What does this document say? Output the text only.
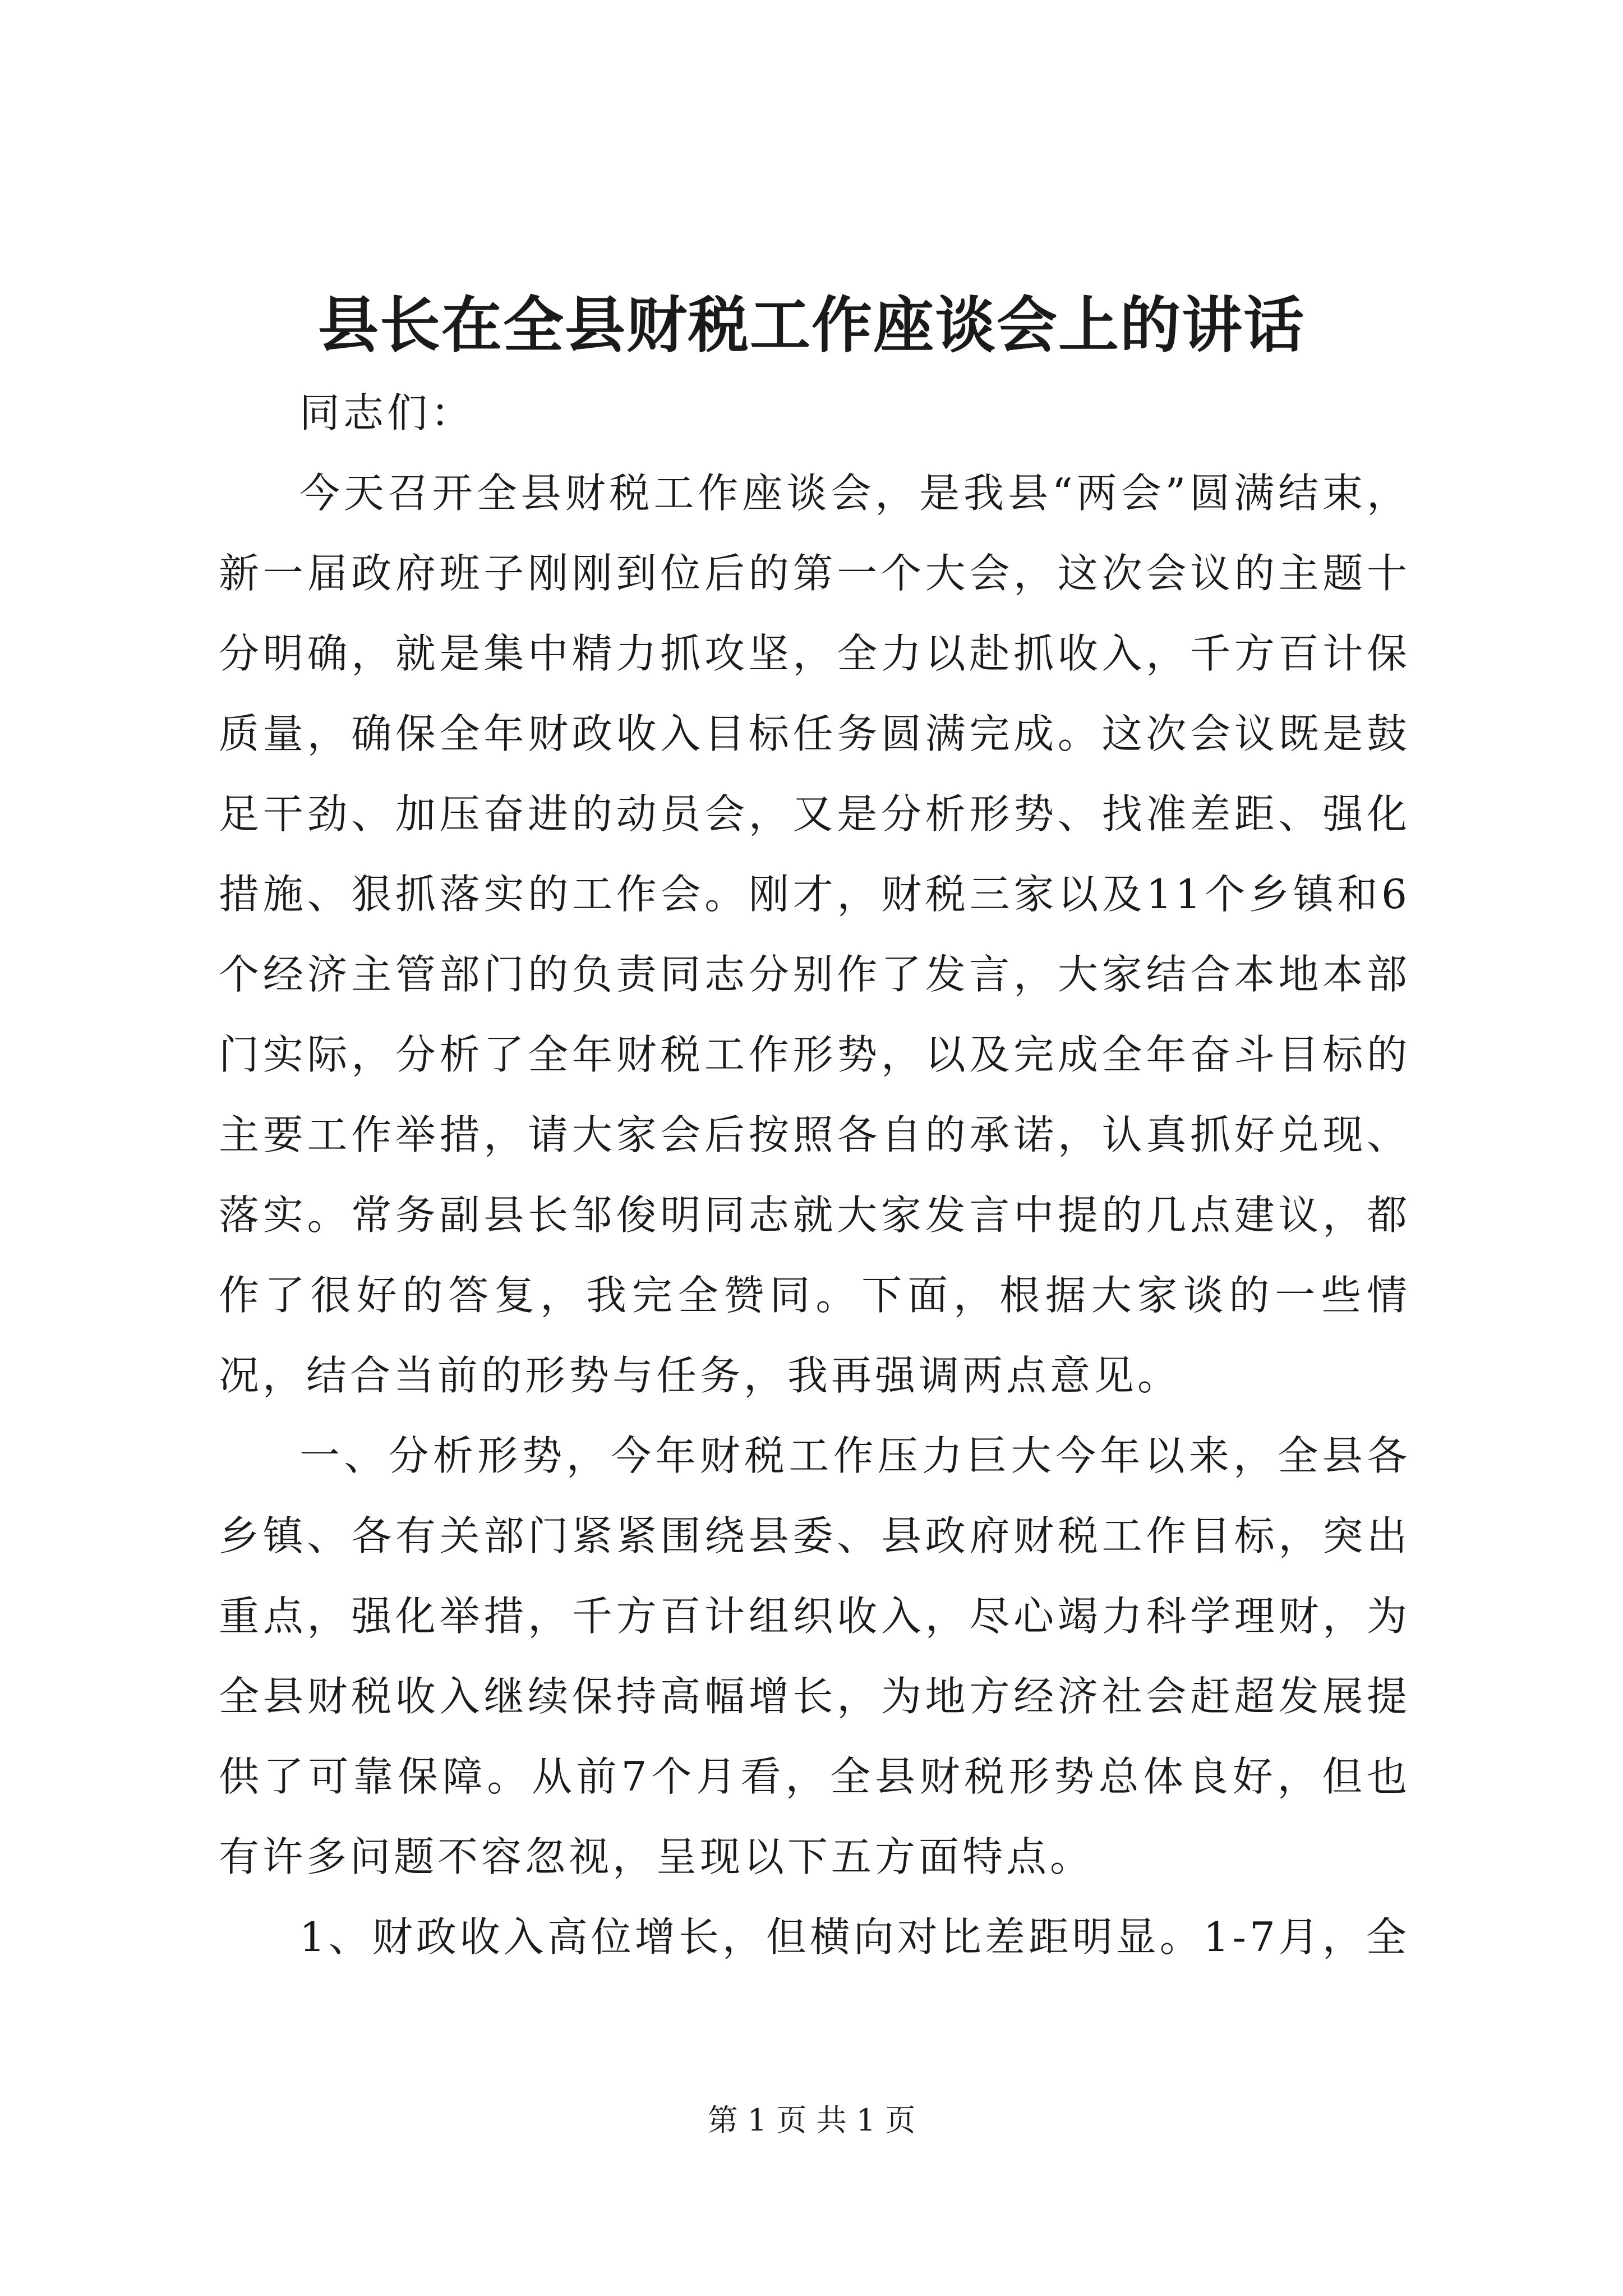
县长在全县财税工作座谈会上的讲话

同志们：

今天召开全县财税工作座谈会，是我县“两会”圆满结束，新一届政府班子刚刚到位后的第一个大会，这次会议的主题十分明确，就是集中精力抓攻坚，全力以赴抓收入，千方百计保质量，确保全年财政收入目标任务圆满完成。这次会议既是鼓足干劲、加压奋进的动员会，又是分析形势、找准差距、强化措施、狠抓落实的工作会。刚才，财税三家以及11个乡镇和6个经济主管部门的负责同志分别作了发言，大家结合本地本部门实际，分析了全年财税工作形势，以及完成全年奋斗目标的主要工作举措，请大家会后按照各自的承诺，认真抓好兑现、落实。常务副县长邹俊明同志就大家发言中提的几点建议，都作了很好的答复，我完全赞同。下面，根据大家谈的一些情况，结合当前的形势与任务，我再强调两点意见。

一、分析形势，今年财税工作压力巨大今年以来，全县各乡镇、各有关部门紧紧围绕县委、县政府财税工作目标，突出重点，强化举措，千方百计组织收入，尽心竭力科学理财，为全县财税收入继续保持高幅增长，为地方经济社会赶超发展提供了可靠保障。从前7个月看，全县财税形势总体良好，但也有许多问题不容忽视，呈现以下五方面特点。

1、财政收入高位增长，但横向对比差距明显。1-7月，全

第 1 页 共 1 页
